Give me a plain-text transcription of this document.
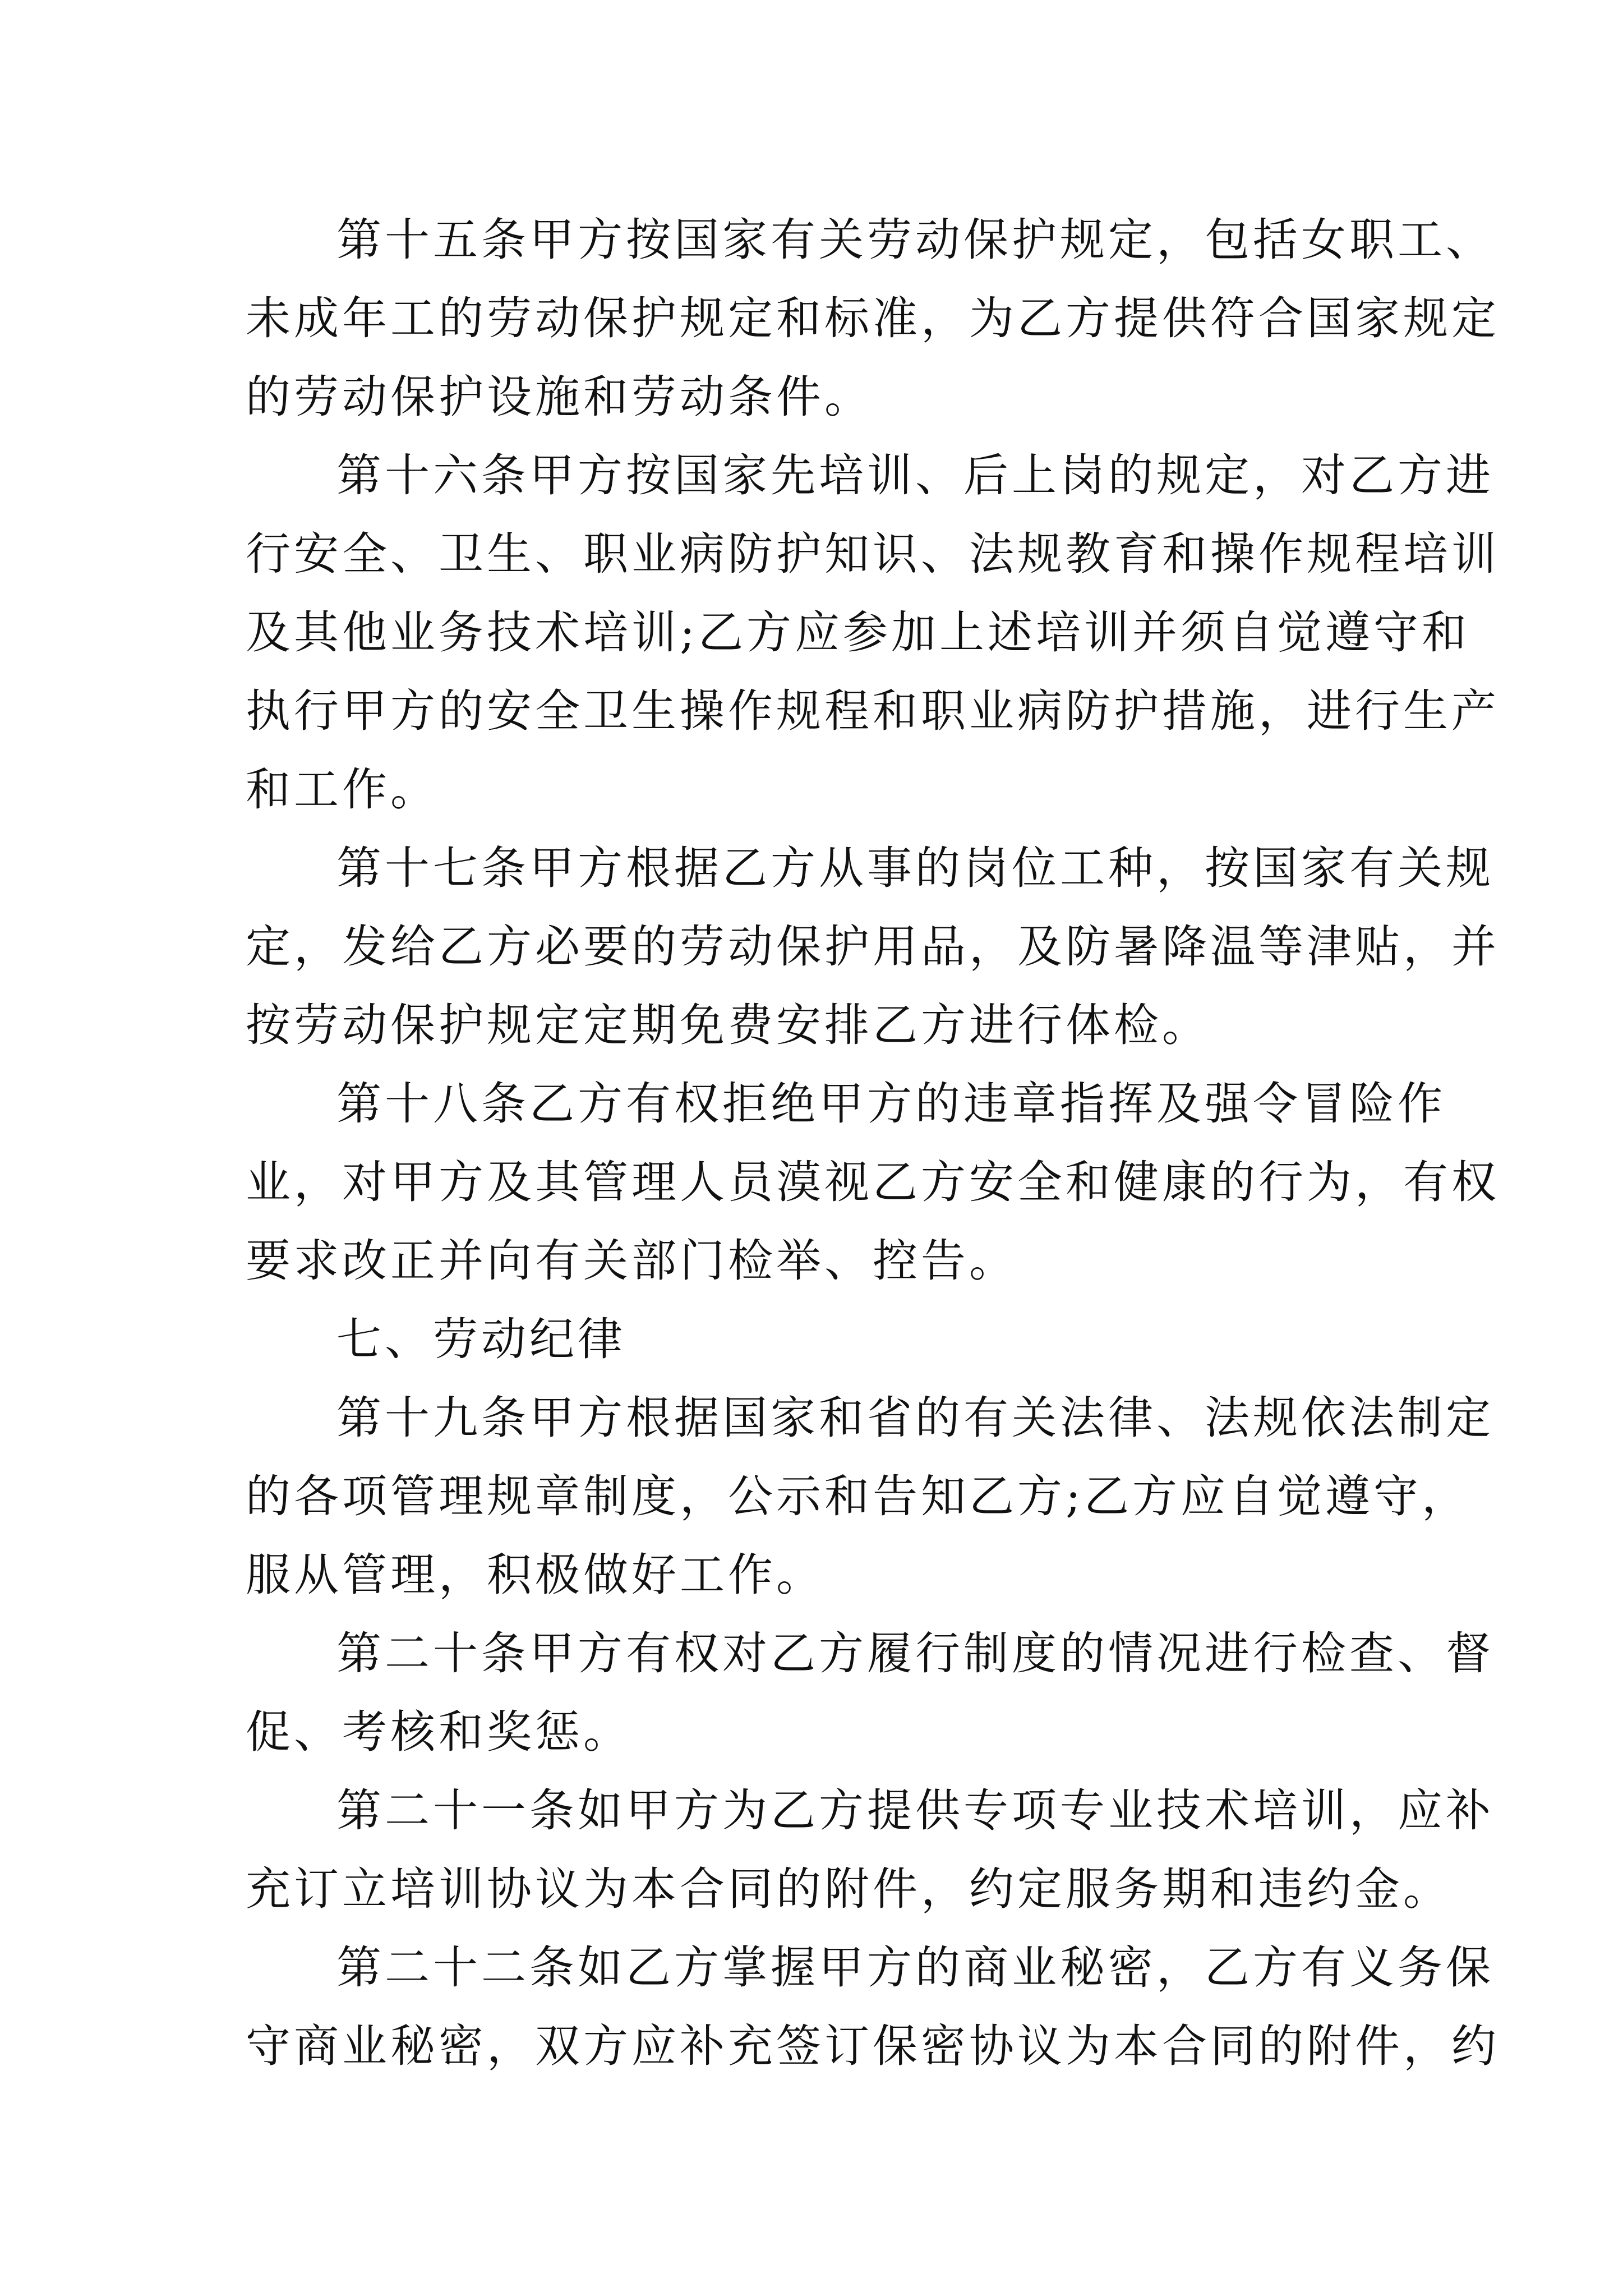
第十五条甲方按国家有关劳动保护规定，包括女职工、
未成年工的劳动保护规定和标准，为乙方提供符合国家规定
的劳动保护设施和劳动条件。
第十六条甲方按国家先培训、后上岗的规定，对乙方进
行安全、卫生、职业病防护知识、法规教育和操作规程培训
及其他业务技术培训;乙方应参加上述培训并须自觉遵守和
执行甲方的安全卫生操作规程和职业病防护措施，进行生产
和工作。
第十七条甲方根据乙方从事的岗位工种，按国家有关规
定，发给乙方必要的劳动保护用品，及防暑降温等津贴，并
按劳动保护规定定期免费安排乙方进行体检。
第十八条乙方有权拒绝甲方的违章指挥及强令冒险作
业，对甲方及其管理人员漠视乙方安全和健康的行为，有权
要求改正并向有关部门检举、控告。
七、劳动纪律
第十九条甲方根据国家和省的有关法律、法规依法制定
的各项管理规章制度，公示和告知乙方;乙方应自觉遵守，
服从管理，积极做好工作。
第二十条甲方有权对乙方履行制度的情况进行检查、督
促、考核和奖惩。
第二十一条如甲方为乙方提供专项专业技术培训，应补
充订立培训协议为本合同的附件，约定服务期和违约金。
第二十二条如乙方掌握甲方的商业秘密，乙方有义务保
守商业秘密，双方应补充签订保密协议为本合同的附件，约
